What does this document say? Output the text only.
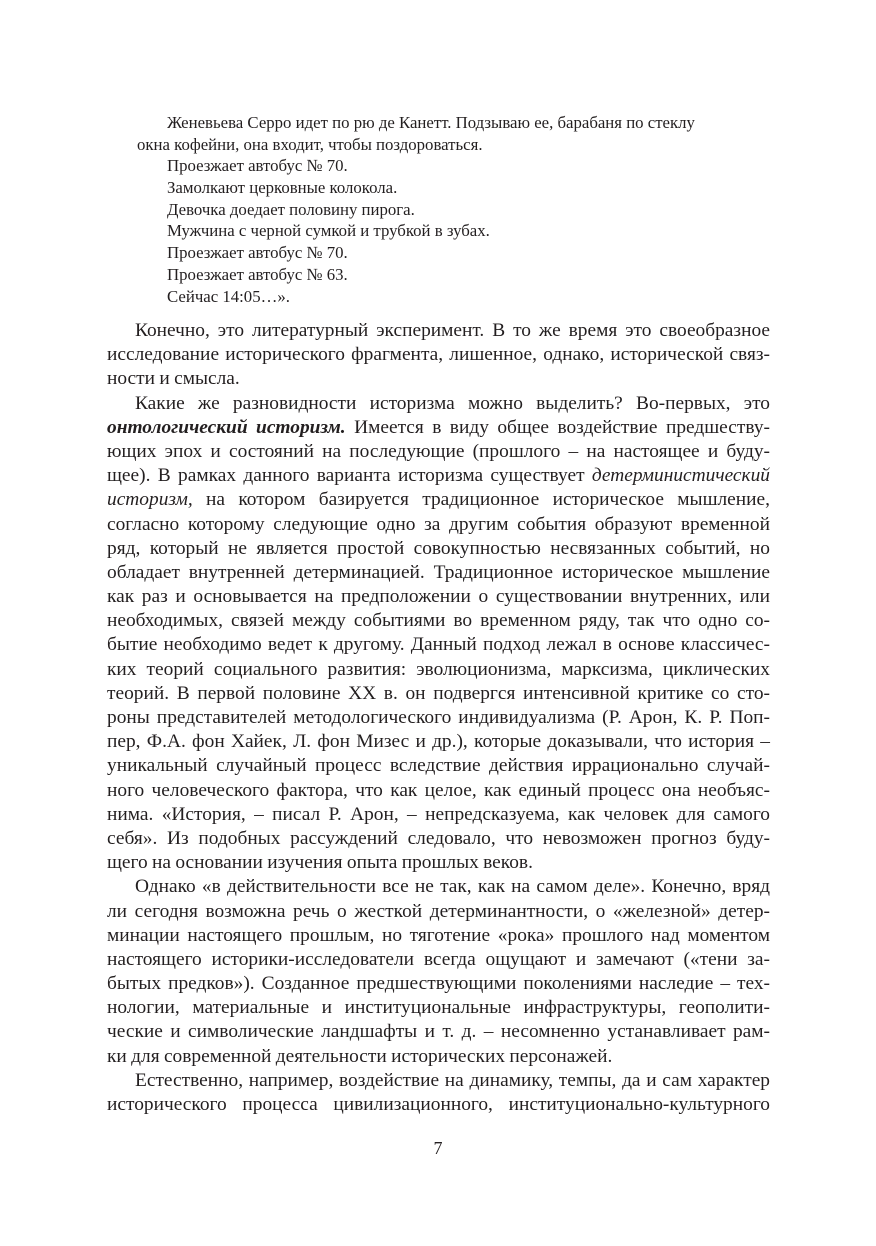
Женевьева Серро идет по рю де Канетт. Подзываю ее, барабаня по стеклу
окна кофейни, она входит, чтобы поздороваться.
Проезжает автобус № 70.
Замолкают церковные колокола.
Девочка доедает половину пирога.
Мужчина с черной сумкой и трубкой в зубах.
Проезжает автобус № 70.
Проезжает автобус № 63.
Сейчас 14:05…».
Конечно, это литературный эксперимент. В то же время это своеобразное
исследование исторического фрагмента, лишенное, однако, исторической связ-
ности и смысла.
Какие же разновидности историзма можно выделить? Во-первых, это
онтологический историзм. Имеется в виду общее воздействие предшеству-
ющих эпох и состояний на последующие (прошлого – на настоящее и буду-
щее). В рамках данного варианта историзма существует детерминистический
историзм, на котором базируется традиционное историческое мышление,
согласно которому следующие одно за другим события образуют временной
ряд, который не является простой совокупностью несвязанных событий, но
обладает внутренней детерминацией. Традиционное историческое мышление
как раз и основывается на предположении о существовании внутренних, или
необходимых, связей между событиями во временном ряду, так что одно со-
бытие необходимо ведет к другому. Данный подход лежал в основе классичес-
ких теорий социального развития: эволюционизма, марксизма, циклических
теорий. В первой половине XX в. он подвергся интенсивной критике со сто-
роны представителей методологического индивидуализма (Р. Арон, К. Р. Поп-
пер, Ф.А. фон Хайек, Л. фон Мизес и др.), которые доказывали, что история –
уникальный случайный процесс вследствие действия иррационально случай-
ного человеческого фактора, что как целое, как единый процесс она необъяс-
нима. «История, – писал Р. Арон, – непредсказуема, как человек для самого
себя». Из подобных рассуждений следовало, что невозможен прогноз буду-
щего на основании изучения опыта прошлых веков.
Однако «в действительности все не так, как на самом деле». Конечно, вряд
ли сегодня возможна речь о жесткой детерминантности, о «железной» детер-
минации настоящего прошлым, но тяготение «рока» прошлого над моментом
настоящего историки-исследователи всегда ощущают и замечают («тени за-
бытых предков»). Созданное предшествующими поколениями наследие – тех-
нологии, материальные и институциональные инфраструктуры, геополити-
ческие и символические ландшафты и т. д. – несомненно устанавливает рам-
ки для современной деятельности исторических персонажей.
Естественно, например, воздействие на динамику, темпы, да и сам характер
исторического процесса цивилизационного, институционально-культурного
7
